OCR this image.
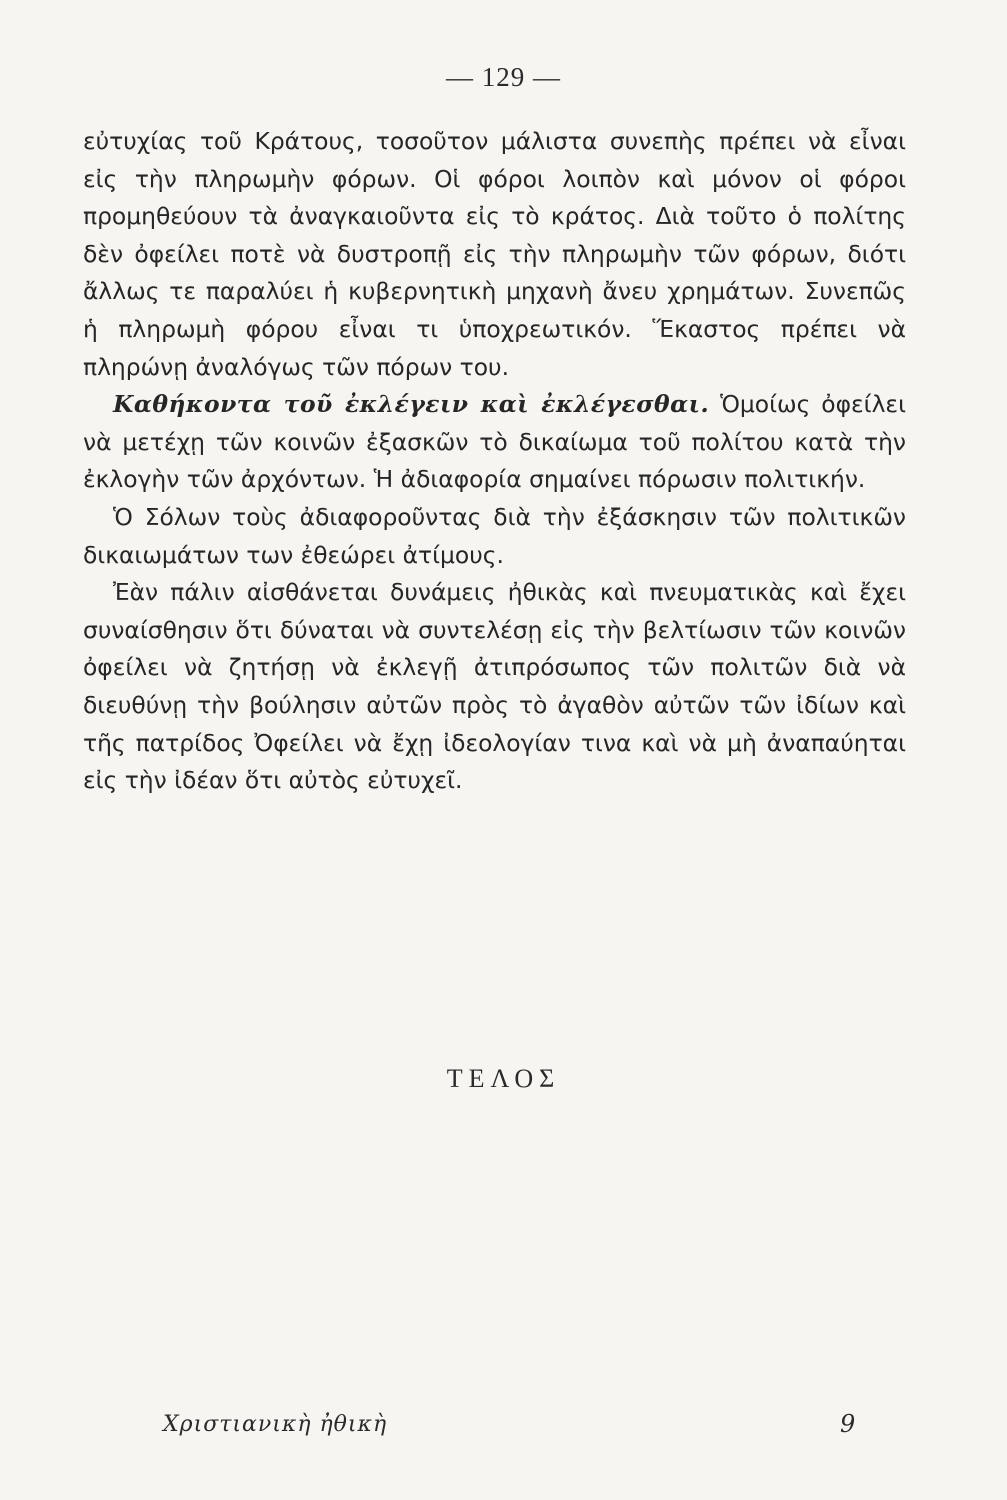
— 129 —

εὐτυχίας τοῦ Κράτους, τοσοῦτον μάλιστα συνεπὴς πρέπει νὰ εἶναι εἰς τὴν πληρωμὴν φόρων. Οἱ φόροι λοιπὸν καὶ μόνον οἱ φόροι προμηθεύουν τὰ ἀναγκαιοῦντα εἰς τὸ κράτος. Διὰ τοῦτο ὁ πολίτης δὲν ὀφείλει ποτὲ νὰ δυστροπῇ εἰς τὴν πληρωμὴν τῶν φόρων, διότι ἄλλως τε παραλύει ἡ κυβερνητικὴ μηχανὴ ἄνευ χρημάτων. Συνεπῶς ἡ πληρωμὴ φόρου εἶναι τι ὑποχρεωτικόν. Ἕκαστος πρέπει νὰ πληρώνῃ ἀναλόγως τῶν πόρων του.

Καθήκοντα τοῦ ἐκλέγειν καὶ ἐκλέγεσθαι. Ὁμοίως ὀφείλει νὰ μετέχῃ τῶν κοινῶν ἐξασκῶν τὸ δικαίωμα τοῦ πολίτου κατὰ τὴν ἐκλογὴν τῶν ἀρχόντων. Ἡ ἀδιαφορία σημαίνει πόρωσιν πολιτικήν.

Ὁ Σόλων τοὺς ἀδιαφοροῦντας διὰ τὴν ἐξάσκησιν τῶν πολιτικῶν δικαιωμάτων των ἐθεώρει ἀτίμους.

Ἐὰν πάλιν αἰσθάνεται δυνάμεις ἠθικὰς καὶ πνευματικὰς καὶ ἔχει συναίσθησιν ὅτι δύναται νὰ συντελέσῃ εἰς τὴν βελτίωσιν τῶν κοινῶν ὀφείλει νὰ ζητήσῃ νὰ ἐκλεγῇ ἀτιπρόσωπος τῶν πολιτῶν διὰ νὰ διευθύνῃ τὴν βούλησιν αὐτῶν πρὸς τὸ ἀγαθὸν αὐτῶν τῶν ἰδίων καὶ τῆς πατρίδος Ὀφείλει νὰ ἔχῃ ἰδεολογίαν τινα καὶ νὰ μὴ ἀναπαύηται εἰς τὴν ἰδέαν ὅτι αὐτὸς εὐτυχεῖ.

ΤΕΛΟΣ
Χριστιανικὴ ἠθικὴ	9
